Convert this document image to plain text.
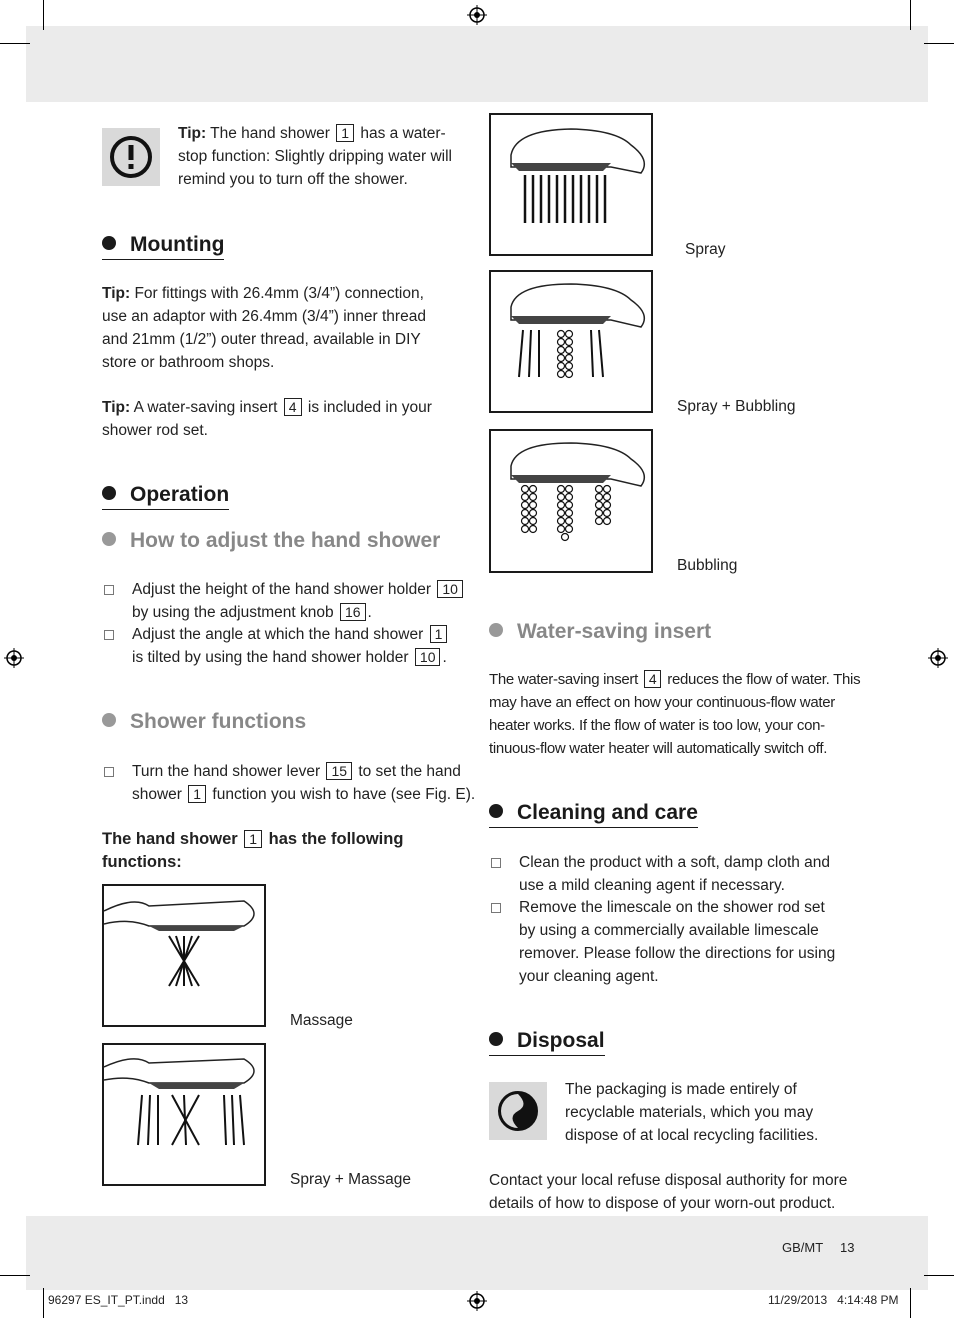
Tip: The hand shower 1 has a water-
stop function: Slightly dripping water will
remind you to turn off the shower.
Mounting
Tip: For fittings with 26.4mm (3/4”) connection,
use an adaptor with 26.4mm (3/4”) inner thread
and 21mm (1/2”) outer thread, available in DIY
store or bathroom shops.
Tip: A water-saving insert 4 is included in your
shower rod set.
Operation
How to adjust the hand shower
Adjust the height of the hand shower holder 10
by using the adjustment knob 16 .
Adjust the angle at which the hand shower 1
is tilted by using the hand shower holder 10 .
Shower functions
Turn the hand shower lever 15 to set the hand
shower 1 function you wish to have (see Fig. E).
The hand shower 1 has the following
functions:
Massage
Spray + Massage
Spray
Spray + Bubbling
Bubbling
Water-saving insert
The water-saving insert 4 reduces the flow of water. This
may have an effect on how your continuous-flow water
heater works. If the flow of water is too low, your con-
tinuous-flow water heater will automatically switch off.
Cleaning and care
Clean the product with a soft, damp cloth and
use a mild cleaning agent if necessary.
Remove the limescale on the shower rod set
by using a commercially available limescale
remover. Please follow the directions for using
your cleaning agent.
Disposal
The packaging is made entirely of
recyclable materials, which you may
dispose of at local recycling facilities.
Contact your local refuse disposal authority for more
details of how to dispose of your worn-out product.
GB/MT 13
96297 ES_IT_PT.indd   13	11/29/2013   4:14:48 PM
